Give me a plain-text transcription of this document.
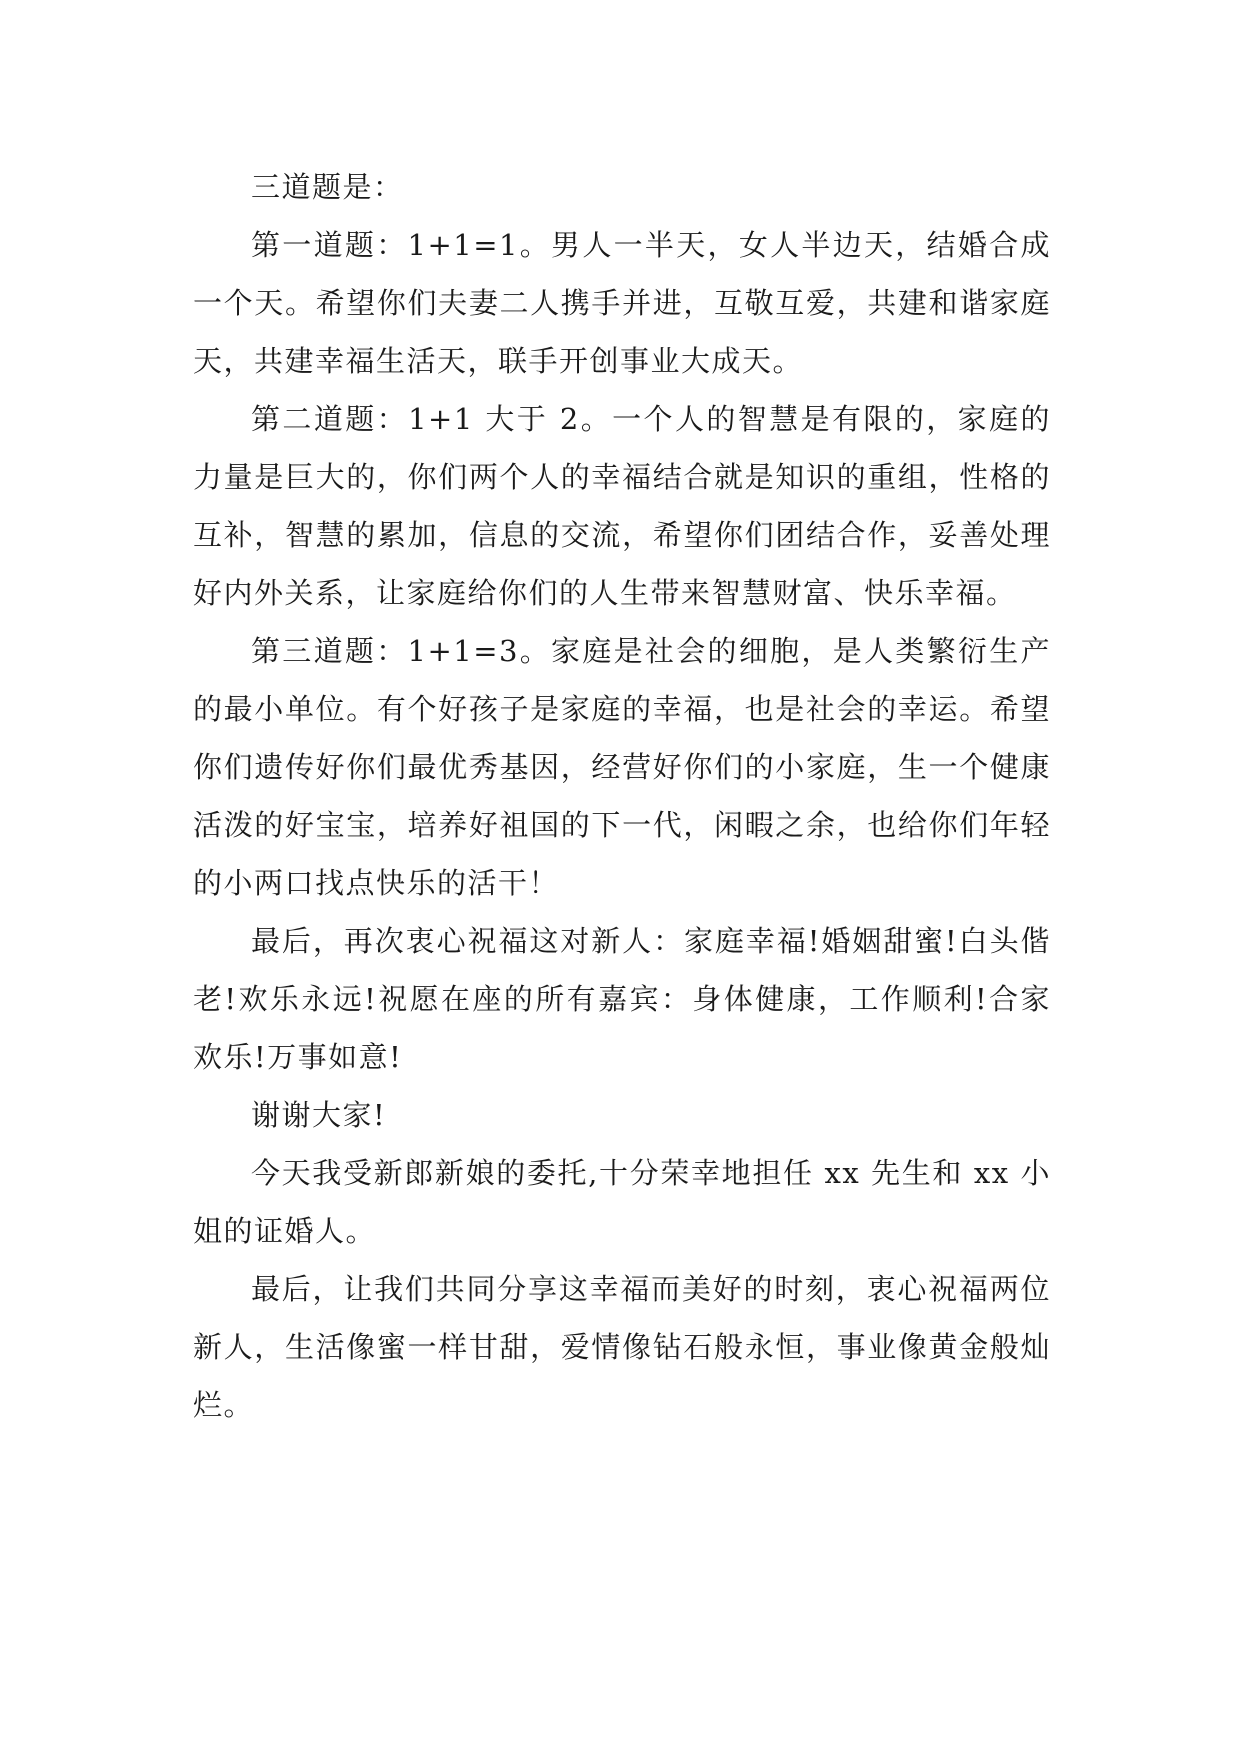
三道题是：

第一道题：1+1=1。男人一半天，女人半边天，结婚合成一个天。希望你们夫妻二人携手并进，互敬互爱，共建和谐家庭天，共建幸福生活天，联手开创事业大成天。

第二道题：1+1 大于 2。一个人的智慧是有限的，家庭的力量是巨大的，你们两个人的幸福结合就是知识的重组，性格的互补，智慧的累加，信息的交流，希望你们团结合作，妥善处理好内外关系，让家庭给你们的人生带来智慧财富、快乐幸福。

第三道题：1+1=3。家庭是社会的细胞，是人类繁衍生产的最小单位。有个好孩子是家庭的幸福，也是社会的幸运。希望你们遗传好你们最优秀基因，经营好你们的小家庭，生一个健康活泼的好宝宝，培养好祖国的下一代，闲暇之余，也给你们年轻的小两口找点快乐的活干！

最后，再次衷心祝福这对新人：家庭幸福!婚姻甜蜜!白头偕老!欢乐永远!祝愿在座的所有嘉宾：身体健康，工作顺利!合家欢乐!万事如意!

谢谢大家!

今天我受新郎新娘的委托,十分荣幸地担任 xx 先生和 xx 小姐的证婚人。

最后，让我们共同分享这幸福而美好的时刻，衷心祝福两位新人，生活像蜜一样甘甜，爱情像钻石般永恒，事业像黄金般灿烂。
